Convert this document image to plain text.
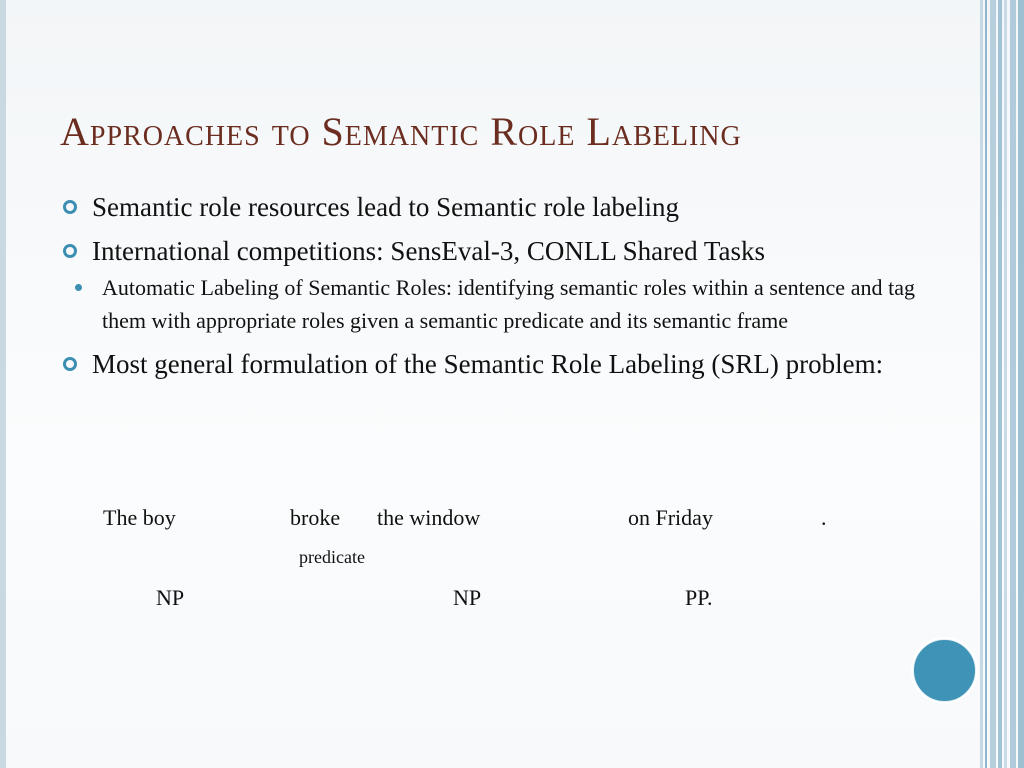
Approaches to Semantic Role Labeling
Semantic role resources lead to Semantic role labeling
International competitions: SensEval-3, CONLL Shared Tasks
Automatic Labeling of Semantic Roles: identifying semantic roles within a sentence and tag them with appropriate roles given a semantic predicate and its semantic frame
Most general formulation of the Semantic Role Labeling (SRL) problem:
The boy	broke the window	on Friday	.
predicate
NP	NP	PP.
